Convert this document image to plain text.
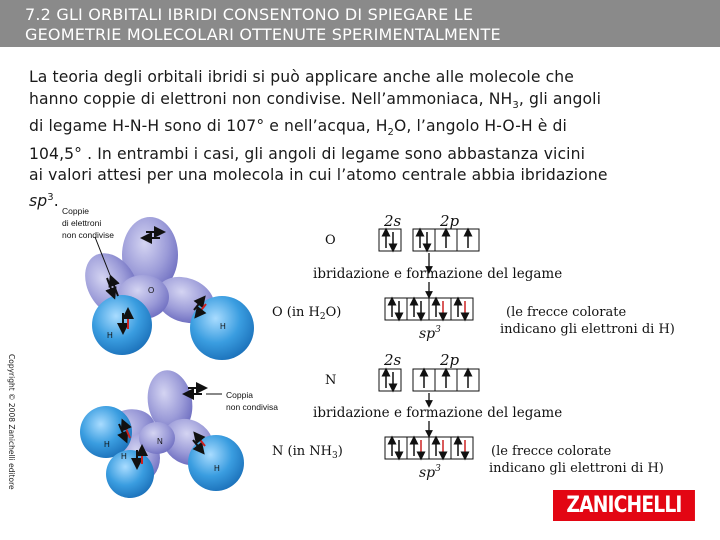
7.2 GLI ORBITALI IBRIDI CONSENTONO DI SPIEGARE LE
GEOMETRIE MOLECOLARI OTTENUTE SPERIMENTALMENTE
La teoria degli orbitali ibridi si può applicare anche alle molecole che
hanno coppie di elettroni non condivise. Nell’ammoniaca, $NH_3$, gli angoli
di legame H-N-H sono di 107° e nell’acqua, $H_2O$, l’angolo H-O-H è di
104,5° . In entrambi i casi, gli angoli di legame sono abbastanza vicini
ai valori attesi per una molecola in cui l’atomo centrale abbia ibridazione
$sp^3$.
Coppie
di elettroni
non condivise
O
H
H
Coppia
non condivisa
N
H
H
H
2s	2p
O
ibridazione e formazione del legame
O (in $H_2O$)
$sp^3$
(le frecce colorate
indicano gli elettroni di H)
2s	2p
N
ibridazione e formazione del legame
N (in $NH_3$)
$sp^3$
(le frecce colorate
indicano gli elettroni di H)
Copyright © 2008 Zanichelli editore
ZANICHELLI
